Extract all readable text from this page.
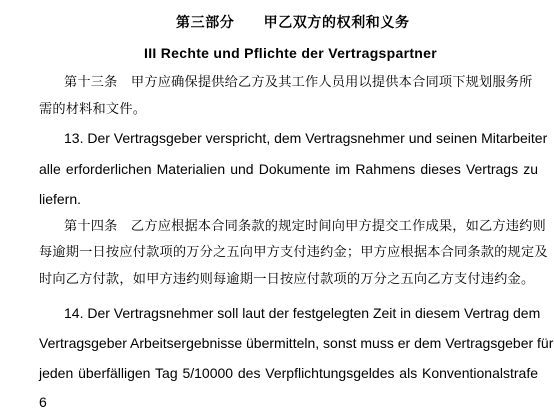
第三部分　　甲乙双方的权利和义务
III Rechte und Pflichte der Vertragspartner
第十三条　甲方应确保提供给乙方及其工作人员用以提供本合同项下规划服务所
需的材料和文件。
13. Der Vertragsgeber verspricht, dem Vertragsnehmer und seinen Mitarbeiter
alle erforderlichen Materialien und Dokumente im Rahmens dieses Vertrags zu
liefern.
第十四条　乙方应根据本合同条款的规定时间向甲方提交工作成果，如乙方违约则
每逾期一日按应付款项的万分之五向甲方支付违约金；甲方应根据本合同条款的规定及
时向乙方付款，如甲方违约则每逾期一日按应付款项的万分之五向乙方支付违约金。
14. Der Vertragsnehmer soll laut der festgelegten Zeit in diesem Vertrag dem
Vertragsgeber Arbeitsergebnisse übermitteln, sonst muss er dem Vertragsgeber für
jeden überfälligen Tag 5/10000 des Verpflichtungsgeldes als Konventionalstrafe
6
